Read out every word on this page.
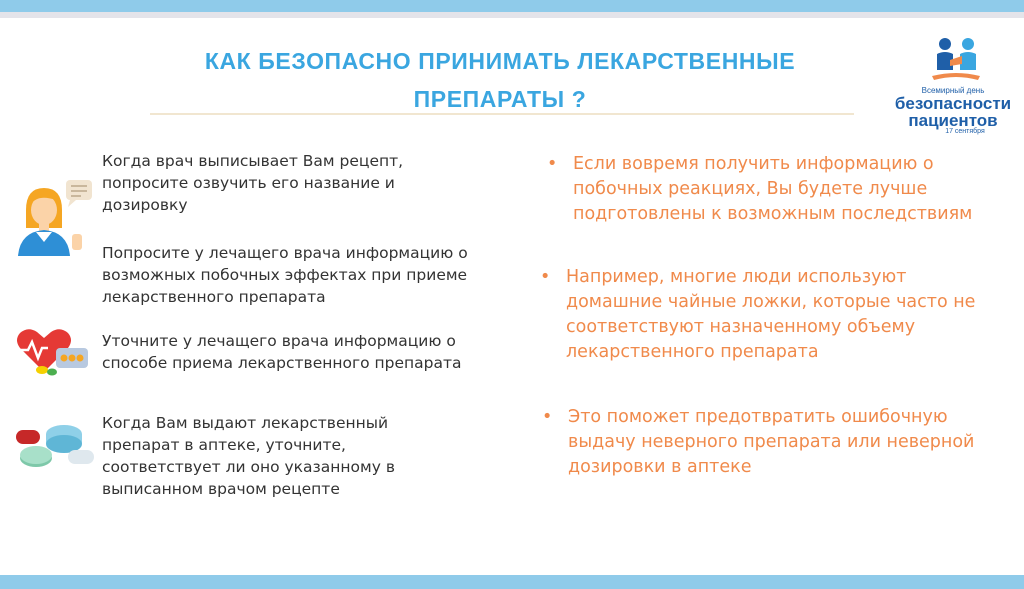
КАК БЕЗОПАСНО ПРИНИМАТЬ ЛЕКАРСТВЕННЫЕ
ПРЕПАРАТЫ ?	Всемирный день
безопасности
пациентов
17 сентября
Когда врач выписывает Вам рецепт, попросите озвучить его название и дозировку
Попросите у лечащего врача информацию о возможных побочных эффектах при приеме лекарственного препарата
Уточните у лечащего врача информацию о способе приема лекарственного препарата
Когда Вам выдают лекарственный препарат в аптеке, уточните, соответствует ли оно указанному в выписанном врачом рецепте
• Если вовремя получить информацию о побочных реакциях, Вы будете лучше подготовлены к возможным последствиям
• Например, многие люди используют домашние чайные ложки, которые часто не соответствуют назначенному объему лекарственного препарата
• Это поможет предотвратить ошибочную выдачу неверного препарата или неверной дозировки в аптеке
